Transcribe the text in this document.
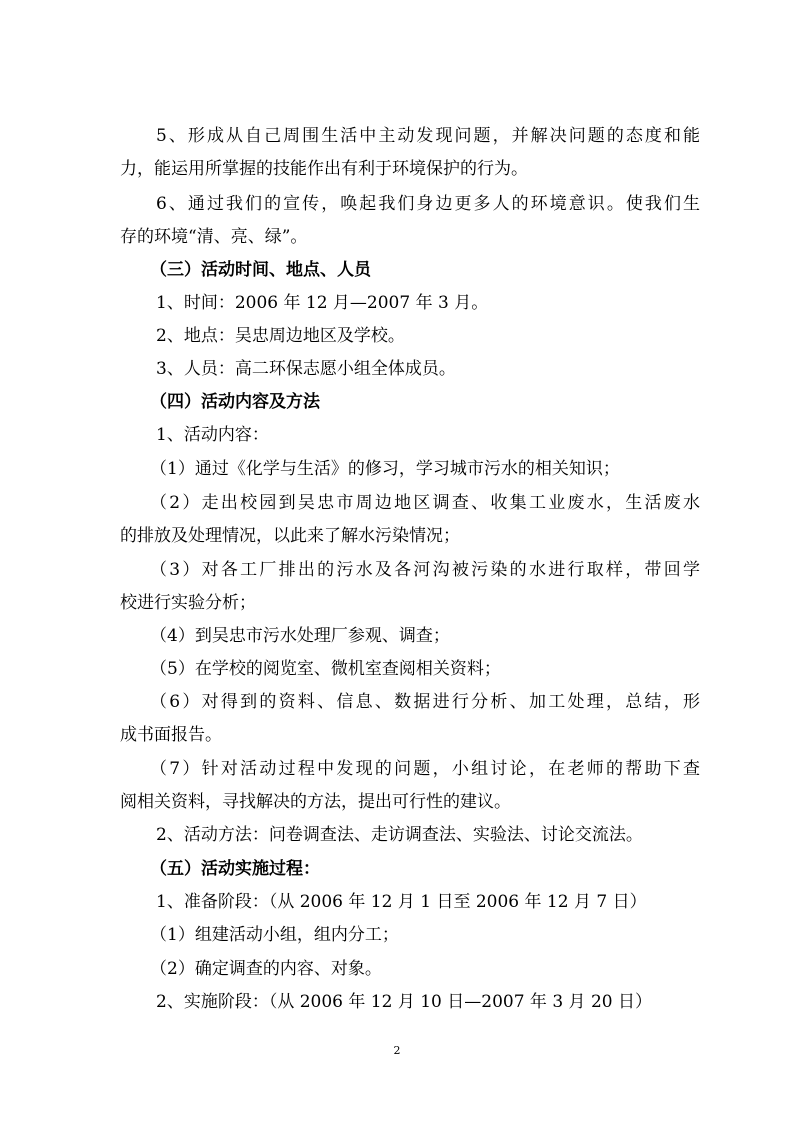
5、形成从自己周围生活中主动发现问题，并解决问题的态度和能
力，能运用所掌握的技能作出有利于环境保护的行为。
6、通过我们的宣传，唤起我们身边更多人的环境意识。使我们生
存的环境“清、亮、绿”。
（三）活动时间、地点、人员
1、时间：2006 年 12 月—2007 年 3 月。
2、地点：吴忠周边地区及学校。
3、人员：高二环保志愿小组全体成员。
（四）活动内容及方法
1、活动内容：
（1）通过《化学与生活》的修习，学习城市污水的相关知识；
（2）走出校园到吴忠市周边地区调查、收集工业废水，生活废水
的排放及处理情况，以此来了解水污染情况；
（3）对各工厂排出的污水及各河沟被污染的水进行取样，带回学
校进行实验分析；
（4）到吴忠市污水处理厂参观、调查；
（5）在学校的阅览室、微机室查阅相关资料；
（6）对得到的资料、信息、数据进行分析、加工处理，总结，形
成书面报告。
（7）针对活动过程中发现的问题，小组讨论，在老师的帮助下查
阅相关资料，寻找解决的方法，提出可行性的建议。
2、活动方法：问卷调查法、走访调查法、实验法、讨论交流法。
（五）活动实施过程：
1、准备阶段：（从 2006 年 12 月 1 日至 2006 年 12 月 7 日）
（1）组建活动小组，组内分工；
（2）确定调查的内容、对象。
2、实施阶段：（从 2006 年 12 月 10 日—2007 年 3 月 20 日）
2
